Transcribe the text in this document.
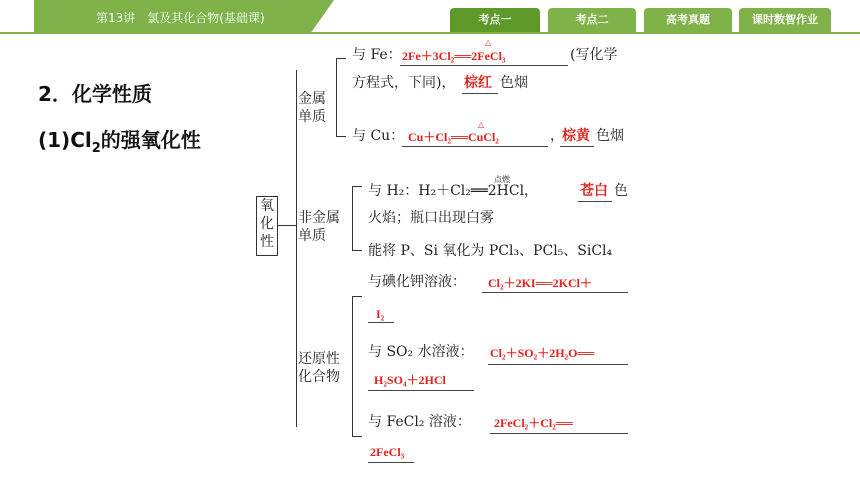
第13讲　氯及其化合物(基础课)	考点一	考点二	高考真题	课时数智作业
2．化学性质
$(1)Cl_2$的强氧化性
氧化性
金属单质
非金属单质
还原性化合物
与 Fe： 2Fe＋3Cl₂══2FeCl₃
△
(写化学
方程式，下同)， 棕红 色烟
与 Cu： Cu＋Cl₂══CuCl₂
△
，
棕黄 色烟
与 H₂：H₂＋Cl₂══2HCl，
点燃
苍白 色
火焰；瓶口出现白雾
能将 P、Si 氧化为 PCl₃、PCl₅、SiCl₄
与碘化钾溶液： Cl₂＋2KI══2KCl＋
I₂
与 SO₂ 水溶液： Cl₂＋SO₂＋2H₂O══
H₂SO₄＋2HCl
与 FeCl₂ 溶液： 2FeCl₂＋Cl₂══
2FeCl₃
